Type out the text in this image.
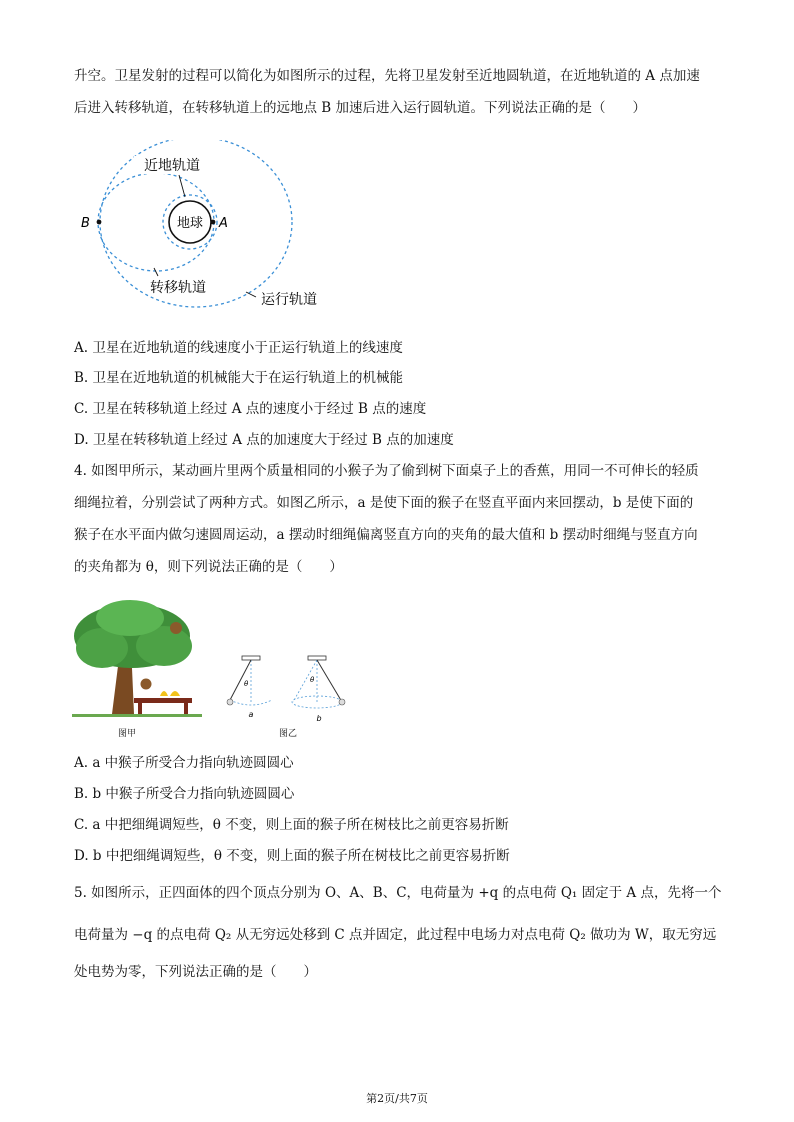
升空。卫星发射的过程可以简化为如图所示的过程，先将卫星发射至近地圆轨道，在近地轨道的 A 点加速
后进入转移轨道，在转移轨道上的远地点 B 加速后进入运行圆轨道。下列说法正确的是（　　）
地球
近地轨道
A
B
转移轨道
运行轨道
A. 卫星在近地轨道的线速度小于正运行轨道上的线速度
B. 卫星在近地轨道的机械能大于在运行轨道上的机械能
C. 卫星在转移轨道上经过 A 点的速度小于经过 B 点的速度
D. 卫星在转移轨道上经过 A 点的加速度大于经过 B 点的加速度
4. 如图甲所示，某动画片里两个质量相同的小猴子为了偷到树下面桌子上的香蕉，用同一不可伸长的轻质
细绳拉着，分别尝试了两种方式。如图乙所示，a 是使下面的猴子在竖直平面内来回摆动，b 是使下面的
猴子在水平面内做匀速圆周运动，a 摆动时细绳偏离竖直方向的夹角的最大值和 b 摆动时细绳与竖直方向
的夹角都为 θ，则下列说法正确的是（　　）
图甲
θ
a
θ
b
图乙
A. a 中猴子所受合力指向轨迹圆圆心
B. b 中猴子所受合力指向轨迹圆圆心
C. a 中把细绳调短些，θ 不变，则上面的猴子所在树枝比之前更容易折断
D. b 中把细绳调短些，θ 不变，则上面的猴子所在树枝比之前更容易折断
5. 如图所示，正四面体的四个顶点分别为 O、A、B、C，电荷量为 +q 的点电荷 Q₁ 固定于 A 点，先将一个
电荷量为 −q 的点电荷 Q₂ 从无穷远处移到 C 点并固定，此过程中电场力对点电荷 Q₂ 做功为 W，取无穷远
处电势为零，下列说法正确的是（　　）
第2页/共7页
